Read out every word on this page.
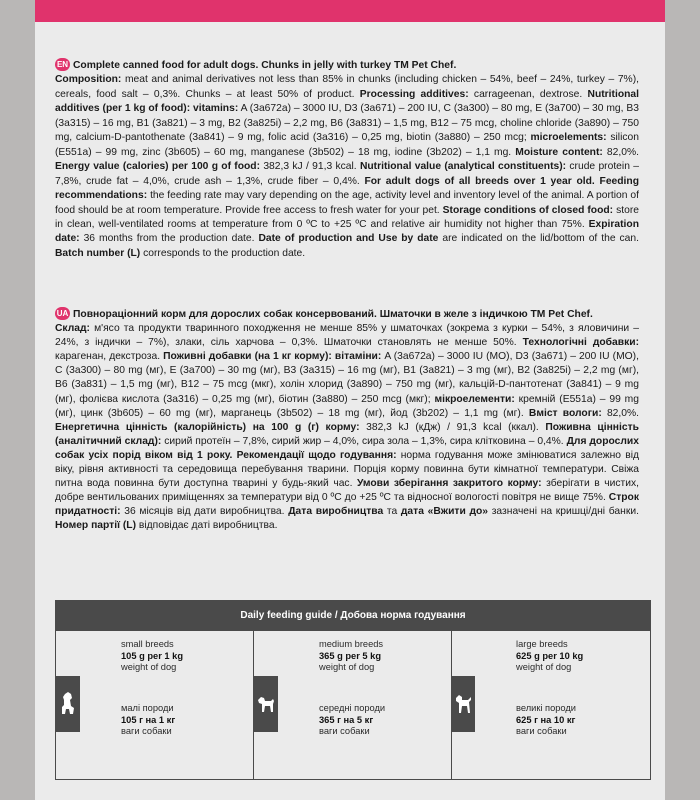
EN Complete canned food for adult dogs. Chunks in jelly with turkey TM Pet Chef.
Composition: meat and animal derivatives not less than 85% in chunks (including chicken – 54%, beef – 24%, turkey – 7%), cereals, food salt – 0,3%. Chunks – at least 50% of product. Processing additives: carrageenan, dextrose. Nutritional additives (per 1 kg of food): vitamins: A (3a672a) – 3000 IU, D3 (3a671) – 200 IU, C (3a300) – 80 mg, E (3a700) – 30 mg, B3 (3a315) – 16 mg, B1 (3a821) – 3 mg, B2 (3a825i) – 2,2 mg, B6 (3a831) – 1,5 mg, B12 – 75 mcg, choline chloride (3a890) – 750 mg, calcium-D-pantothenate (3a841) – 9 mg, folic acid (3a316) – 0,25 mg, biotin (3a880) – 250 mcg; microelements: silicon (E551a) – 99 mg, zinc (3b605) – 60 mg, manganese (3b502) – 18 mg, iodine (3b202) – 1,1 mg. Moisture content: 82,0%. Energy value (calories) per 100 g of food: 382,3 kJ / 91,3 kcal. Nutritional value (analytical constituents): crude protein – 7,8%, crude fat – 4,0%, crude ash – 1,3%, crude fiber – 0,4%. For adult dogs of all breeds over 1 year old. Feeding recommendations: the feeding rate may vary depending on the age, activity level and inventory level of the animal. A portion of food should be at room temperature. Provide free access to fresh water for your pet. Storage conditions of closed food: store in clean, well-ventilated rooms at temperature from 0 ºC to +25 ºC and relative air humidity not higher than 75%. Expiration date: 36 months from the production date. Date of production and Use by date are indicated on the lid/bottom of the can. Batch number (L) corresponds to the production date.

UA Повнораціонний корм для дорослих собак консервований. Шматочки в желе з індичкою TM Pet Chef.
Склад: м'ясо та продукти тваринного походження не менше 85% у шматочках (зокрема з курки – 54%, з яловичини – 24%, з індички – 7%), злаки, сіль харчова – 0,3%. Шматочки становлять не менше 50%. Технологічні добавки: карагенан, декстроза. Поживні добавки (на 1 кг корму): вітаміни: A (3a672a) – 3000 IU (МО), D3 (3a671) – 200 IU (МО), C (3a300) – 80 mg (мг), E (3a700) – 30 mg (мг), B3 (3a315) – 16 mg (мг), B1 (3a821) – 3 mg (мг), B2 (3a825i) – 2,2 mg (мг), B6 (3a831) – 1,5 mg (мг), B12 – 75 mcg (мкг), холін хлорид (3a890) – 750 mg (мг), кальцій-D-пантотенат (3a841) – 9 mg (мг), фолієва кислота (3a316) – 0,25 mg (мг), біотин (3a880) – 250 mcg (мкг); мікроелементи: кремній (E551a) – 99 mg (мг), цинк (3b605) – 60 mg (мг), марганець (3b502) – 18 mg (мг), йод (3b202) – 1,1 mg (мг). Вміст вологи: 82,0%. Енергетична цінність (калорійність) на 100 g (г) корму: 382,3 kJ (кДж) / 91,3 kcal (ккал). Поживна цінність (аналітичний склад): сирий протеїн – 7,8%, сирий жир – 4,0%, сира зола – 1,3%, сира клітковина – 0,4%. Для дорослих собак усіх порід віком від 1 року. Рекомендації щодо годування: норма годування може змінюватися залежно від віку, рівня активності та середовища перебування тварини. Порція корму повинна бути кімнатної температури. Свіжа питна вода повинна бути доступна тварині у будь-який час. Умови зберігання закритого корму: зберігати в чистих, добре вентильованих приміщеннях за температури від 0 ºС до +25 ºС та відносної вологості повітря не вище 75%. Строк придатності: 36 місяців від дати виробництва. Дата виробництва та дата «Вжити до» зазначені на кришці/дні банки. Номер партії (L) відповідає даті виробництва.

Daily feeding guide / Добова норма годування
small breeds
105 g per 1 kg
weight of dog
малі породи
105 г на 1 кг
ваги собаки
medium breeds
365 g per 5 kg
weight of dog
середні породи
365 г на 5 кг
ваги собаки
large breeds
625 g per 10 kg
weight of dog
великі породи
625 г на 10 кг
ваги собаки
